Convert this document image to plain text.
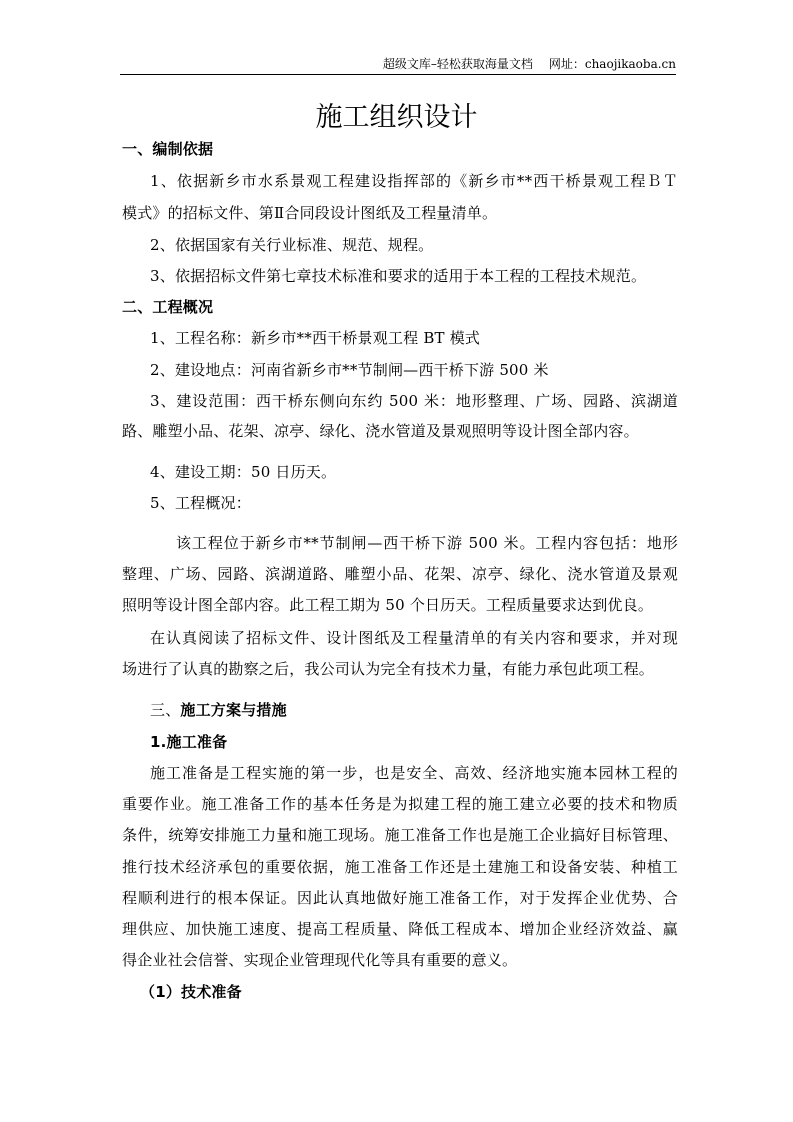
超级文库–轻松获取海量文档 网址：chaojikaoba.cn
施工组织设计
一、编制依据
1、依据新乡市水系景观工程建设指挥部的《新乡市**西干桥景观工程ＢＴ
模式》的招标文件、第Ⅱ合同段设计图纸及工程量清单。
2、依据国家有关行业标准、规范、规程。
3、依据招标文件第七章技术标准和要求的适用于本工程的工程技术规范。
二、工程概况
1、工程名称：新乡市**西干桥景观工程 BT 模式
2、建设地点：河南省新乡市**节制闸—西干桥下游 500 米
3、建设范围：西干桥东侧向东约 500 米：地形整理、广场、园路、滨湖道
路、雕塑小品、花架、凉亭、绿化、浇水管道及景观照明等设计图全部内容。
4、建设工期：50 日历天。
5、工程概况：
该工程位于新乡市**节制闸—西干桥下游 500 米。工程内容包括：地形
整理、广场、园路、滨湖道路、雕塑小品、花架、凉亭、绿化、浇水管道及景观
照明等设计图全部内容。此工程工期为 50 个日历天。工程质量要求达到优良。
在认真阅读了招标文件、设计图纸及工程量清单的有关内容和要求，并对现
场进行了认真的勘察之后，我公司认为完全有技术力量，有能力承包此项工程。
三、施工方案与措施
1.施工准备
施工准备是工程实施的第一步，也是安全、高效、经济地实施本园林工程的
重要作业。施工准备工作的基本任务是为拟建工程的施工建立必要的技术和物质
条件，统筹安排施工力量和施工现场。施工准备工作也是施工企业搞好目标管理、
推行技术经济承包的重要依据，施工准备工作还是土建施工和设备安装、种植工
程顺利进行的根本保证。因此认真地做好施工准备工作，对于发挥企业优势、合
理供应、加快施工速度、提高工程质量、降低工程成本、增加企业经济效益、赢
得企业社会信誉、实现企业管理现代化等具有重要的意义。
（1）技术准备
